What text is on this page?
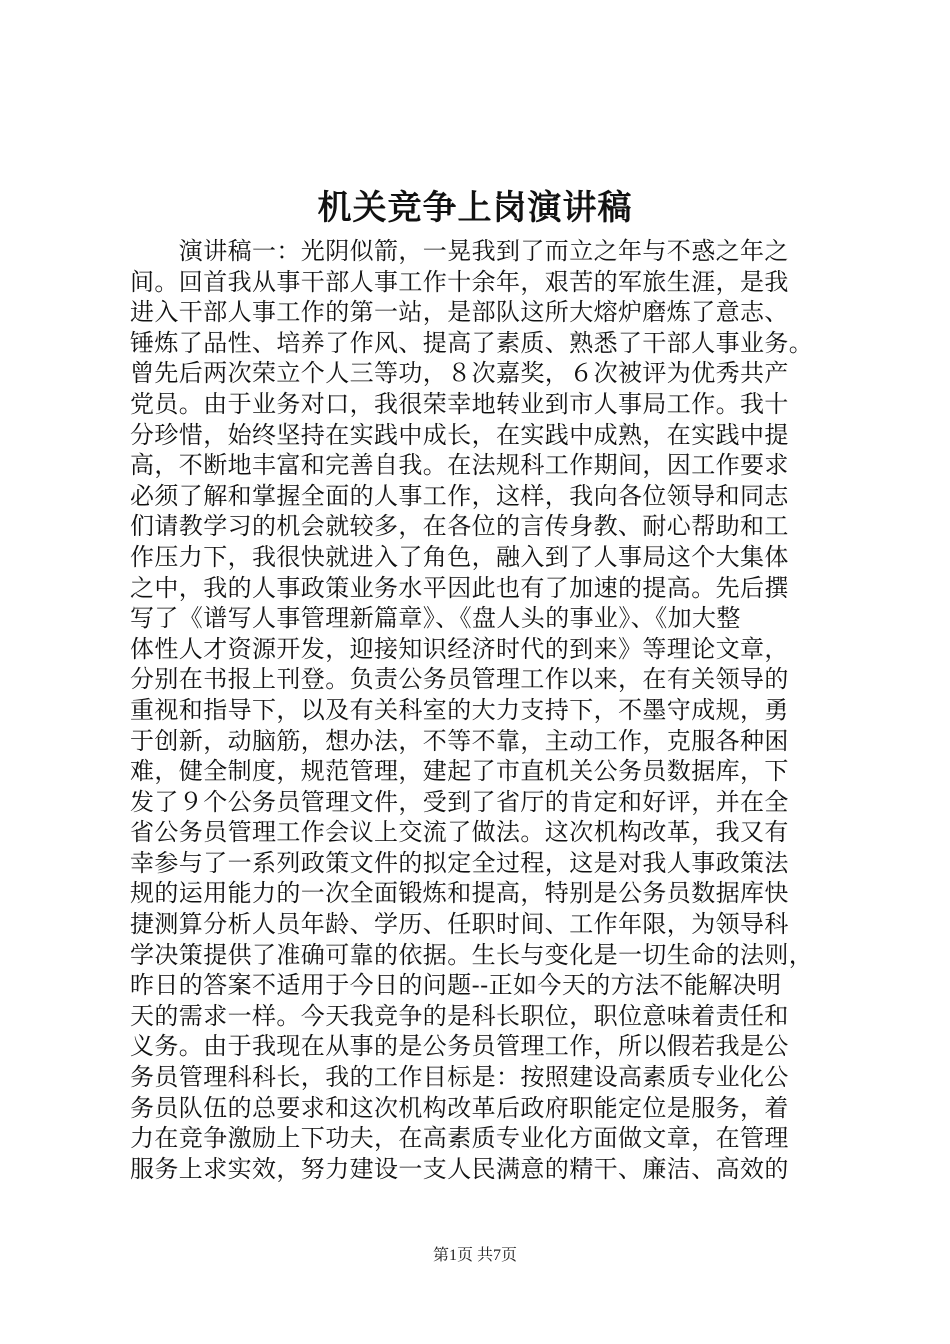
机关竞争上岗演讲稿
　　演讲稿一：光阴似箭，一晃我到了而立之年与不惑之年之
间。回首我从事干部人事工作十余年，艰苦的军旅生涯，是我
进入干部人事工作的第一站，是部队这所大熔炉磨炼了意志、
锤炼了品性、培养了作风、提高了素质、熟悉了干部人事业务。
曾先后两次荣立个人三等功，８次嘉奖，６次被评为优秀共产
党员。由于业务对口，我很荣幸地转业到市人事局工作。我十
分珍惜，始终坚持在实践中成长，在实践中成熟，在实践中提
高，不断地丰富和完善自我。在法规科工作期间，因工作要求
必须了解和掌握全面的人事工作，这样，我向各位领导和同志
们请教学习的机会就较多，在各位的言传身教、耐心帮助和工
作压力下，我很快就进入了角色，融入到了人事局这个大集体
之中，我的人事政策业务水平因此也有了加速的提高。先后撰
写了《谱写人事管理新篇章》、《盘人头的事业》、《加大整
体性人才资源开发，迎接知识经济时代的到来》等理论文章，
分别在书报上刊登。负责公务员管理工作以来，在有关领导的
重视和指导下，以及有关科室的大力支持下，不墨守成规，勇
于创新，动脑筋，想办法，不等不靠，主动工作，克服各种困
难，健全制度，规范管理，建起了市直机关公务员数据库，下
发了９个公务员管理文件，受到了省厅的肯定和好评，并在全
省公务员管理工作会议上交流了做法。这次机构改革，我又有
幸参与了一系列政策文件的拟定全过程，这是对我人事政策法
规的运用能力的一次全面锻炼和提高，特别是公务员数据库快
捷测算分析人员年龄、学历、任职时间、工作年限，为领导科
学决策提供了准确可靠的依据。生长与变化是一切生命的法则，
昨日的答案不适用于今日的问题--正如今天的方法不能解决明
天的需求一样。今天我竞争的是科长职位，职位意味着责任和
义务。由于我现在从事的是公务员管理工作，所以假若我是公
务员管理科科长，我的工作目标是：按照建设高素质专业化公
务员队伍的总要求和这次机构改革后政府职能定位是服务，着
力在竞争激励上下功夫，在高素质专业化方面做文章，在管理
服务上求实效，努力建设一支人民满意的精干、廉洁、高效的
第1页 共7页
